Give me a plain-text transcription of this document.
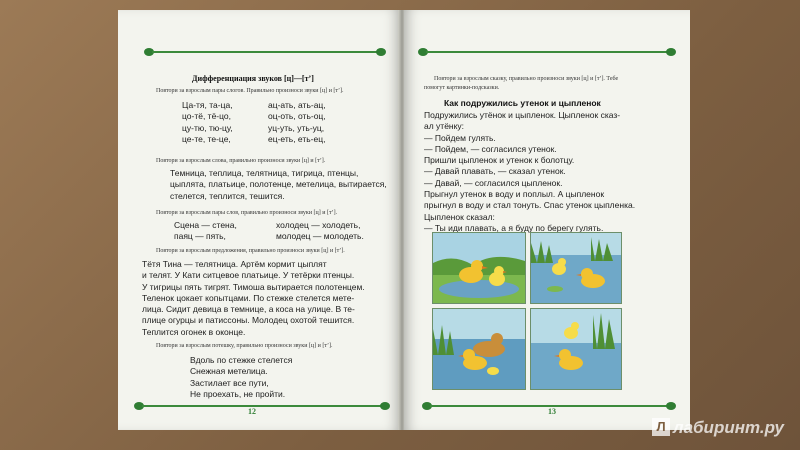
Дифференциация звуков [ц]—[т’]
Повтори за взрослым пары слогов. Правильно произноси звуки [ц] и [т’].
Ца-тя, та-ца,
цо-тё, тё-цо,
цу-тю, тю-цу,
це-те, те-це,
ац-ать, ать-ац,
оц-оть, оть-оц,
уц-уть, уть-уц,
ец-еть, еть-ец,
Повтори за взрослым слова, правильно произноси звуки [ц] и [т’].
Темница, теплица, телятница, тигрица, птенцы,
цыплята, платьице, полотенце, метелица, вытирается,
стелется, теплится, тешится.
Повтори за взрослым пары слов, правильно произноси звуки [ц] и [т’].
Сцена — стена,
паяц — пять,
холодец — холодеть,
молодец — молодеть.
Повтори за взрослым предложения, правильно произноси звуки [ц] и [т’].
Тётя Тина — телятница. Артём кормит цыплят
и телят. У Кати ситцевое платьице. У тетёрки птенцы.
У тигрицы пять тигрят. Тимоша вытирается полотенцем.
Теленок цокает копытцами. По стежке стелется мете-
лица. Сидит девица в темнице, а коса на улице. В те-
плице огурцы и патиссоны. Молодец охотой тешится.
Теплится огонек в оконце.
Повтори за взрослым потешку, правильно произноси звуки [ц] и [т’].
Вдоль по стежке стелется
Снежная метелица.
Застилает все пути,
Не проехать, не пройти.
12
Повтори за взрослым сказку, правильно произноси звуки [ц] и [т’]. Тебе
помогут картинки-подсказки.
Как подружились утенок и цыпленок
Подружились утёнок и цыпленок. Цыпленок сказ-
ал утёнку:
— Пойдем гулять.
— Пойдем, — согласился утенок.
Пришли цыпленок и утенок к болотцу.
— Давай плавать, — сказал утенок.
— Давай, — согласился цыпленок.
Прыгнул утенок в воду и поплыл. А цыпленок
прыгнул в воду и стал тонуть. Спас утенок цыпленка.
Цыпленок сказал:
— Ты иди плавать, а я буду по берегу гулять.
13
Л лабиринт.ру
